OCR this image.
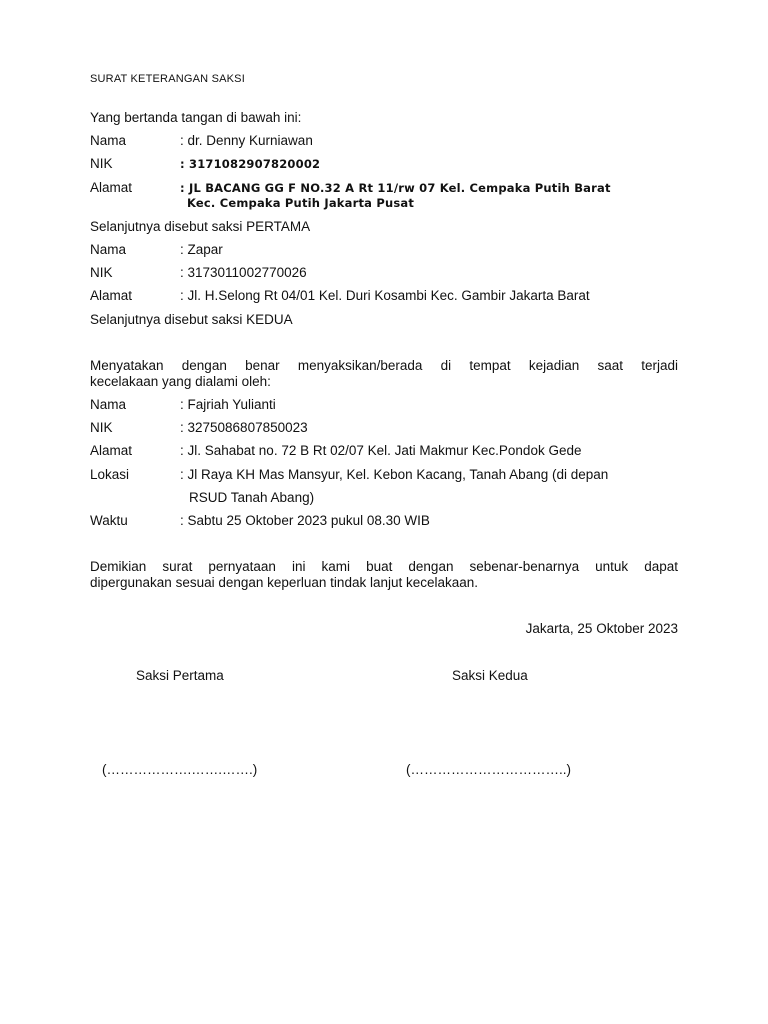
SURAT KETERANGAN SAKSI
Yang bertanda tangan di bawah ini:
Nama	: dr. Denny Kurniawan
NIK	: 3171082907820002
Alamat	: JL BACANG GG F NO.32 A Rt 11/rw 07 Kel. Cempaka Putih Barat
Kec. Cempaka Putih Jakarta Pusat
Selanjutnya disebut saksi PERTAMA
Nama	: Zapar
NIK	: 3173011002770026
Alamat	: Jl. H.Selong Rt 04/01 Kel. Duri Kosambi Kec. Gambir Jakarta Barat
Selanjutnya disebut saksi KEDUA
Menyatakan dengan benar menyaksikan/berada di tempat kejadian saat terjadi
kecelakaan yang dialami oleh:
Nama	: Fajriah Yulianti
NIK	: 3275086807850023
Alamat	: Jl. Sahabat no. 72 B Rt 02/07 Kel. Jati Makmur Kec.Pondok Gede
Lokasi	: Jl Raya KH Mas Mansyur, Kel. Kebon Kacang, Tanah Abang (di depan
RSUD Tanah Abang)
Waktu	: Sabtu 25 Oktober 2023 pukul 08.30 WIB
Demikian surat pernyataan ini kami buat dengan sebenar-benarnya untuk dapat
dipergunakan sesuai dengan keperluan tindak lanjut kecelakaan.
Jakarta, 25 Oktober 2023
Saksi Pertama	Saksi Kedua
(……………….…….…….)	(……………………………..)
